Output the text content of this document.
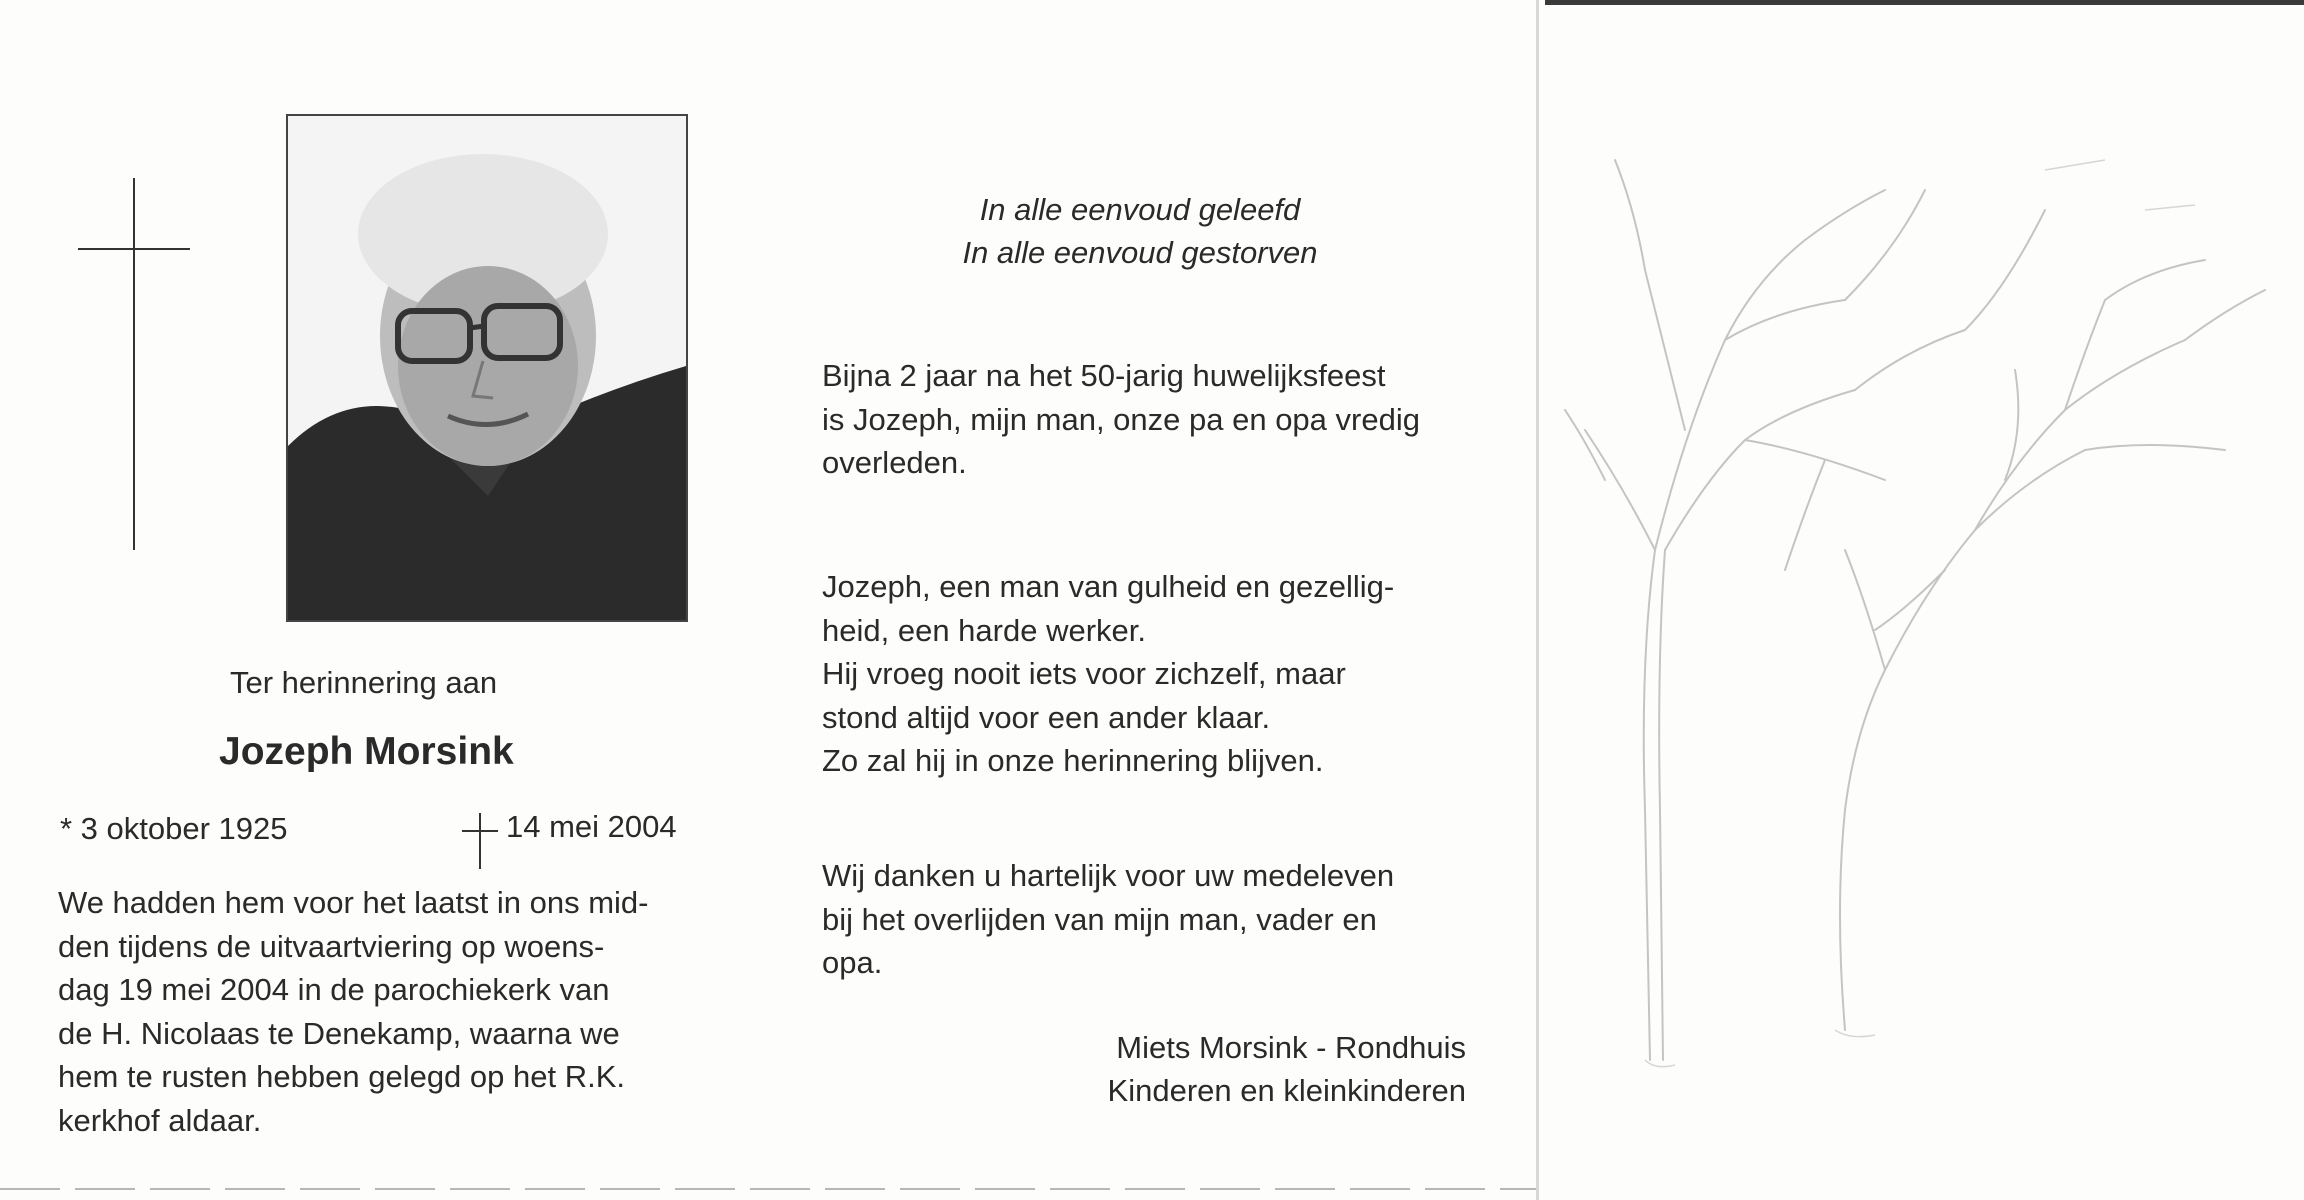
Ter herinnering aan
Jozeph Morsink
* 3 oktober 1925	14 mei 2004
We hadden hem voor het laatst in ons mid-
den tijdens de uitvaartviering op woens-
dag 19 mei 2004 in de parochiekerk van
de H. Nicolaas te Denekamp, waarna we
hem te rusten hebben gelegd op het R.K.
kerkhof aldaar.
In alle eenvoud geleefd
In alle eenvoud gestorven
Bijna 2 jaar na het 50-jarig huwelijksfeest
is Jozeph, mijn man, onze pa en opa vredig
overleden.
Jozeph, een man van gulheid en gezellig-
heid, een harde werker.
Hij vroeg nooit iets voor zichzelf, maar
stond altijd voor een ander klaar.
Zo zal hij in onze herinnering blijven.
Wij danken u hartelijk voor uw medeleven
bij het overlijden van mijn man, vader en
opa.
Miets Morsink - Rondhuis
Kinderen en kleinkinderen
